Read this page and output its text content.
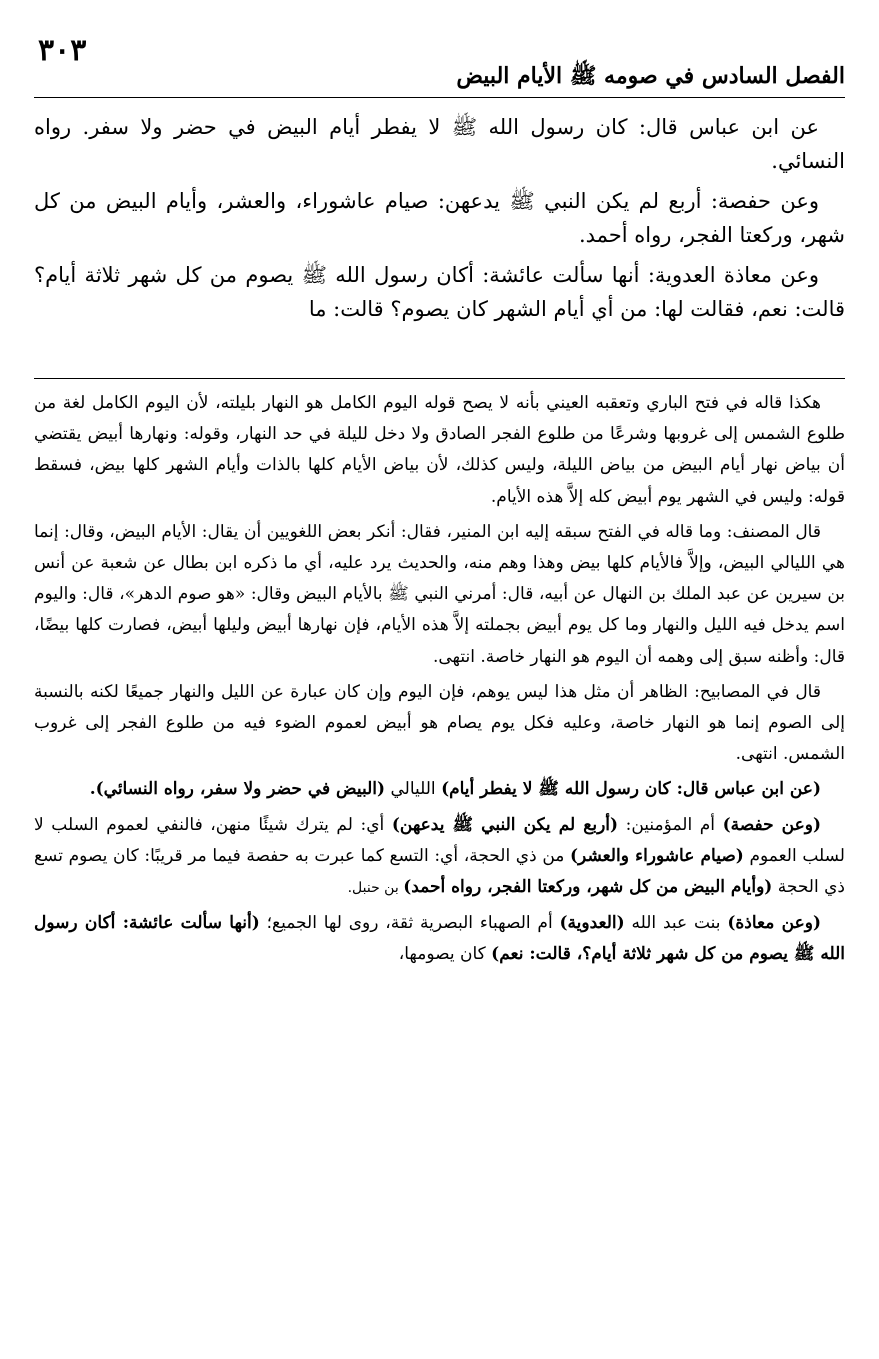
٣٠٣
الفصل السادس في صومه ﷺ الأيام البيض

عن ابن عباس قال: كان رسول الله ﷺ لا يفطر أيام البيض في حضر ولا سفر. رواه النسائي.

وعن حفصة: أربع لم يكن النبي ﷺ يدعهن: صيام عاشوراء، والعشر، وأيام البيض من كل شهر، وركعتا الفجر، رواه أحمد.

وعن معاذة العدوية: أنها سألت عائشة: أكان رسول الله ﷺ يصوم من كل شهر ثلاثة أيام؟ قالت: نعم، فقالت لها: من أي أيام الشهر كان يصوم؟ قالت: ما

هكذا قاله في فتح الباري وتعقبه العيني بأنه لا يصح قوله اليوم الكامل هو النهار بليلته، لأن اليوم الكامل لغة من طلوع الشمس إلى غروبها وشرعًا من طلوع الفجر الصادق ولا دخل لليلة في حد النهار، وقوله: ونهارها أبيض يقتضي أن بياض نهار أيام البيض من بياض الليلة، وليس كذلك، لأن بياض الأيام كلها بالذات وأيام الشهر كلها بيض، فسقط قوله: وليس في الشهر يوم أبيض كله إلاَّ هذه الأيام.

قال المصنف: وما قاله في الفتح سبقه إليه ابن المنير، فقال: أنكر بعض اللغويين أن يقال: الأيام البيض، وقال: إنما هي الليالي البيض، وإلاَّ فالأيام كلها بيض وهذا وهم منه، والحديث يرد عليه، أي ما ذكره ابن بطال عن شعبة عن أنس بن سيرين عن عبد الملك بن النهال عن أبيه، قال: أمرني النبي ﷺ بالأيام البيض وقال: «هو صوم الدهر»، قال: واليوم اسم يدخل فيه الليل والنهار وما كل يوم أبيض بجملته إلاَّ هذه الأيام، فإن نهارها أبيض وليلها أبيض، فصارت كلها بيضًا، قال: وأظنه سبق إلى وهمه أن اليوم هو النهار خاصة. انتهى.

قال في المصابيح: الظاهر أن مثل هذا ليس يوهم، فإن اليوم وإن كان عبارة عن الليل والنهار جميعًا لكنه بالنسبة إلى الصوم إنما هو النهار خاصة، وعليه فكل يوم يصام هو أبيض لعموم الضوء فيه من طلوع الفجر إلى غروب الشمس. انتهى.

(عن ابن عباس قال: كان رسول الله ﷺ لا يفطر أيام) الليالي (البيض في حضر ولا سفر، رواه النسائي).

(وعن حفصة) أم المؤمنين: (أربع لم يكن النبي ﷺ يدعهن) أي: لم يترك شيئًا منهن، فالنفي لعموم السلب لا لسلب العموم (صيام عاشوراء والعشر) من ذي الحجة، أي: التسع كما عبرت به حفصة فيما مر قريبًا: كان يصوم تسع ذي الحجة (وأيام البيض من كل شهر، وركعتا الفجر، رواه أحمد) بن حنبل.

(وعن معاذة) بنت عبد الله (العدوية) أم الصهباء البصرية ثقة، روى لها الجميع؛ (أنها سألت عائشة: أكان رسول الله ﷺ يصوم من كل شهر ثلاثة أيام؟، قالت: نعم) كان يصومها،
